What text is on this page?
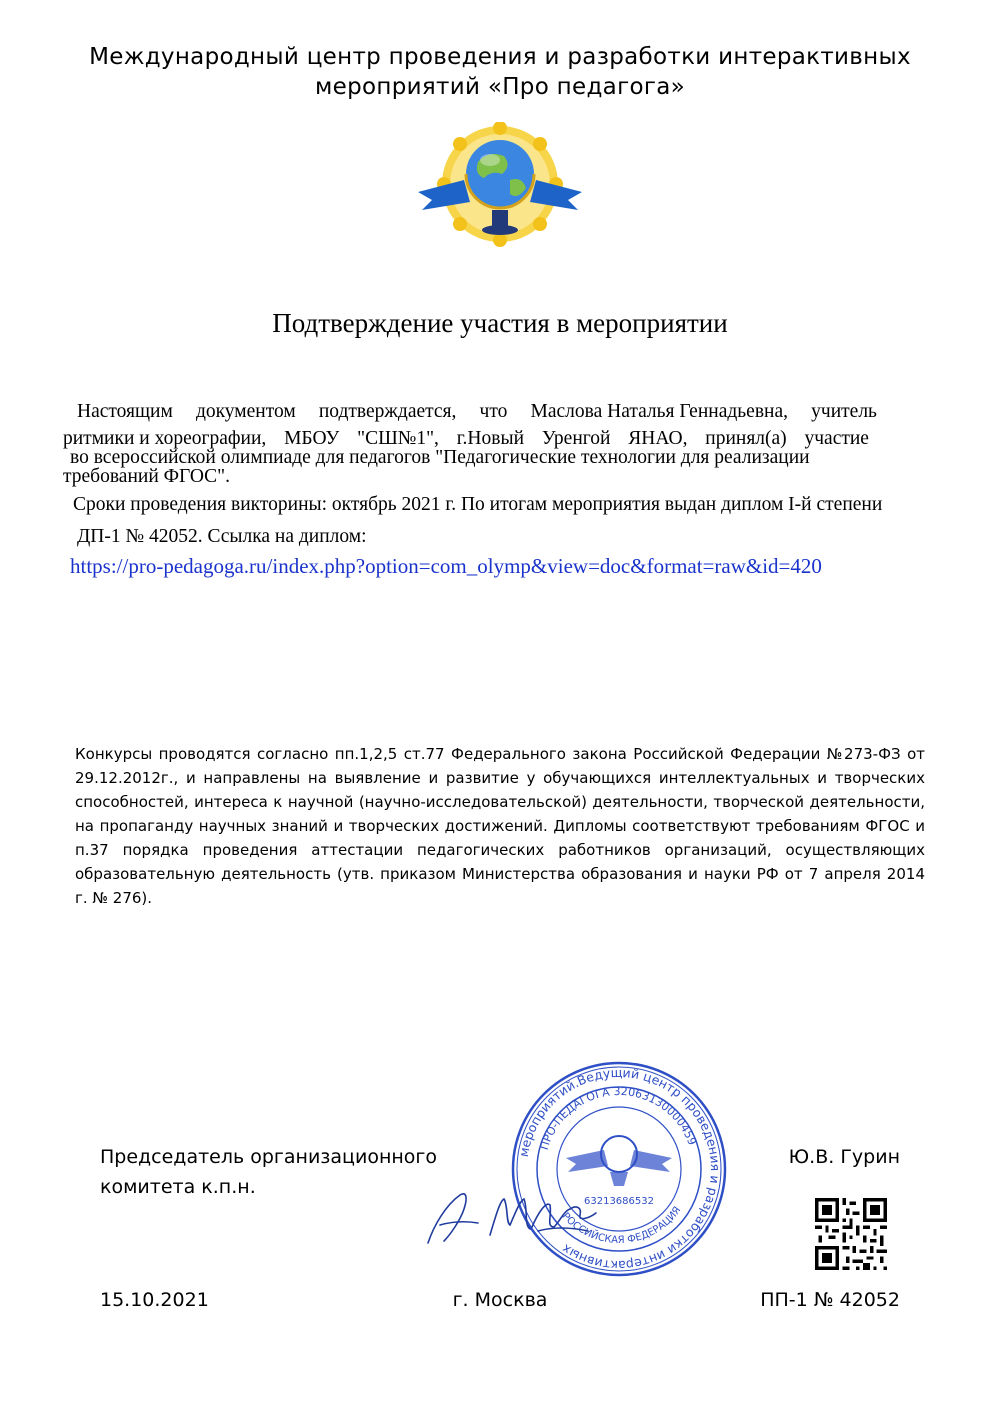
Международный центр проведения и разработки интерактивных
мероприятий «Про педагога»
Подтверждение участия в мероприятии
Настоящим документом подтверждается, что Маслова Наталья Геннадьевна, учитель
ритмики и хореографии, МБОУ "СШ№1", г.Новый Уренгой ЯНАО, принял(а) участие
во всероссийской олимпиаде для педагогов "Педагогические технологии для реализации
требований ФГОС".
Сроки проведения викторины: октябрь 2021 г. По итогам мероприятия выдан диплом I-й степени
ДП-1 № 42052. Ссылка на диплом:
https://pro-pedagoga.ru/index.php?option=com_olymp&view=doc&format=raw&id=420
Конкурсы проводятся согласно пп.1,2,5 ст.77 Федерального закона Российской Федерации №273-ФЗ от 29.12.2012г., и направлены на выявление и развитие у обучающихся интеллектуальных и творческих способностей, интереса к научной (научно-исследовательской) деятельности, творческой деятельности, на пропаганду научных знаний и творческих достижений. Дипломы соответствуют требованиям ФГОС и п.37 порядка проведения аттестации педагогических работников организаций, осуществляющих образовательную деятельность (утв. приказом Министерства образования и науки РФ от 7 апреля 2014 г. № 276).
мероприятий.Ведущий центр проведения и разработки интерактивных
ПРО-ПЕДАГОГА 32063130000459
РОССИЙСКАЯ ФЕДЕРАЦИЯ
63213686532
Председатель организационного
комитета к.п.н.
Ю.В. Гурин
15.10.2021	г. Москва	ПП-1 № 42052
